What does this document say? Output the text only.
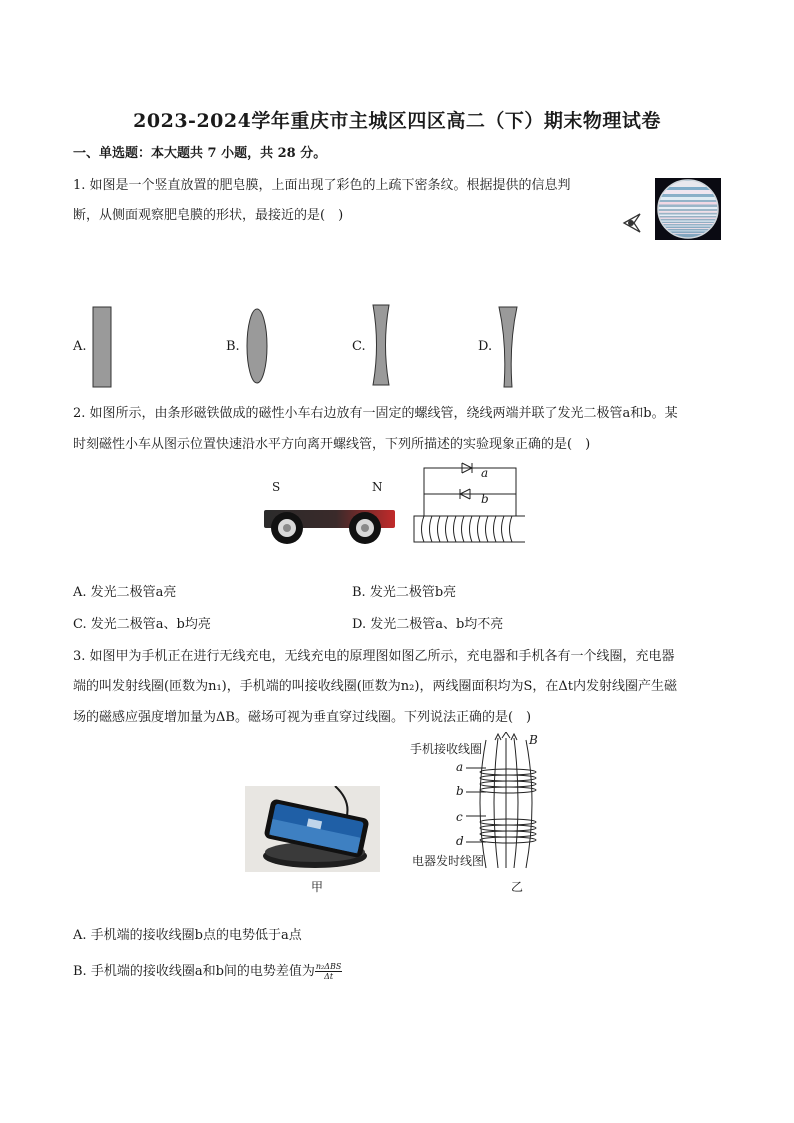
2023-2024学年重庆市主城区四区高二（下）期末物理试卷
一、单选题：本大题共 7 小题，共 28 分。
1. 如图是一个竖直放置的肥皂膜，上面出现了彩色的上疏下密条纹。根据提供的信息判
断，从侧面观察肥皂膜的形状，最接近的是(　)
A.	B.	C.	D.
2. 如图所示，由条形磁铁做成的磁性小车右边放有一固定的螺线管，绕线两端并联了发光二极管a和b。某
时刻磁性小车从图示位置快速沿水平方向离开螺线管，下列所描述的实验现象正确的是(　)
S	N
a
b
A. 发光二极管a亮	B. 发光二极管b亮
C. 发光二极管a、b均亮	D. 发光二极管a、b均不亮
3. 如图甲为手机正在进行无线充电，无线充电的原理图如图乙所示，充电器和手机各有一个线圈，充电器
端的叫发射线圈(匝数为n₁)，手机端的叫接收线圈(匝数为n₂)，两线圈面积均为S，在Δt内发射线圈产生磁
场的磁感应强度增加量为ΔB。磁场可视为垂直穿过线圈。下列说法正确的是(　)
甲
手机接收线圈
电器发时线图
B
a
b
c
d
乙
A. 手机端的接收线圈b点的电势低于a点
B. 手机端的接收线圈a和b间的电势差值为 $\frac{\text{n₂ΔBS}}{\Delta t}$
